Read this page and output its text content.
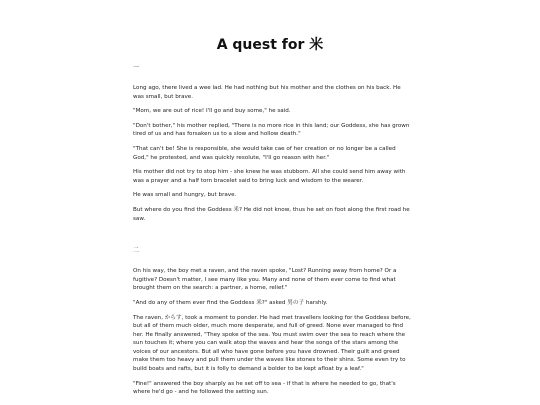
A quest for 米
一

Long ago, there lived a wee lad. He had nothing but his mother and the clothes on his back. He was small, but brave.

"Mom, we are out of rice! I'll go and buy some," he said.

"Don't bother," his mother replied, "There is no more rice in this land; our Goddess, she has grown tired of us and has forsaken us to a slow and hollow death."

"That can't be! She is responsible, she would take cae of her creation or no longer be a called God," he protested, and was quickly resolute, "I'll go reason with her."

His mother did not try to stop him - she knew he was stubborn. All she could send him away with was a prayer and a half torn bracelet said to bring luck and wisdom to the wearer.

He was small and hungry, but brave.

But where do you find the Goddess 米? He did not know, thus he set on foot along the first road he saw.

二

On his way, the boy met a raven, and the raven spoke, "Lost? Running away from home? Or a fugitive? Doesn't matter, I see many like you. Many and none of them ever come to find what brought them on the search: a partner, a home, relief."

"And do any of them ever find the Goddess 米?" asked 男の子 harshly.

The raven, からす, took a moment to ponder. He had met travellers looking for the Goddess before, but all of them much older, much more desperate, and full of greed. None ever managed to find her. He finally answered, "They spoke of the sea. You must swim over the sea to reach where the sun touches it; where you can walk atop the waves and hear the songs of the stars among the voices of our ancestors. But all who have gone before you have drowned. Their guilt and greed make them too heavy and pull them under the waves like stones to their shins. Some even try to build boats and rafts, but it is folly to demand a bolder to be kept afloat by a leaf."

"Fine!" answered the boy sharply as he set off to sea - if that is where he needed to go, that's where he'd go - and he followed the setting sun.
